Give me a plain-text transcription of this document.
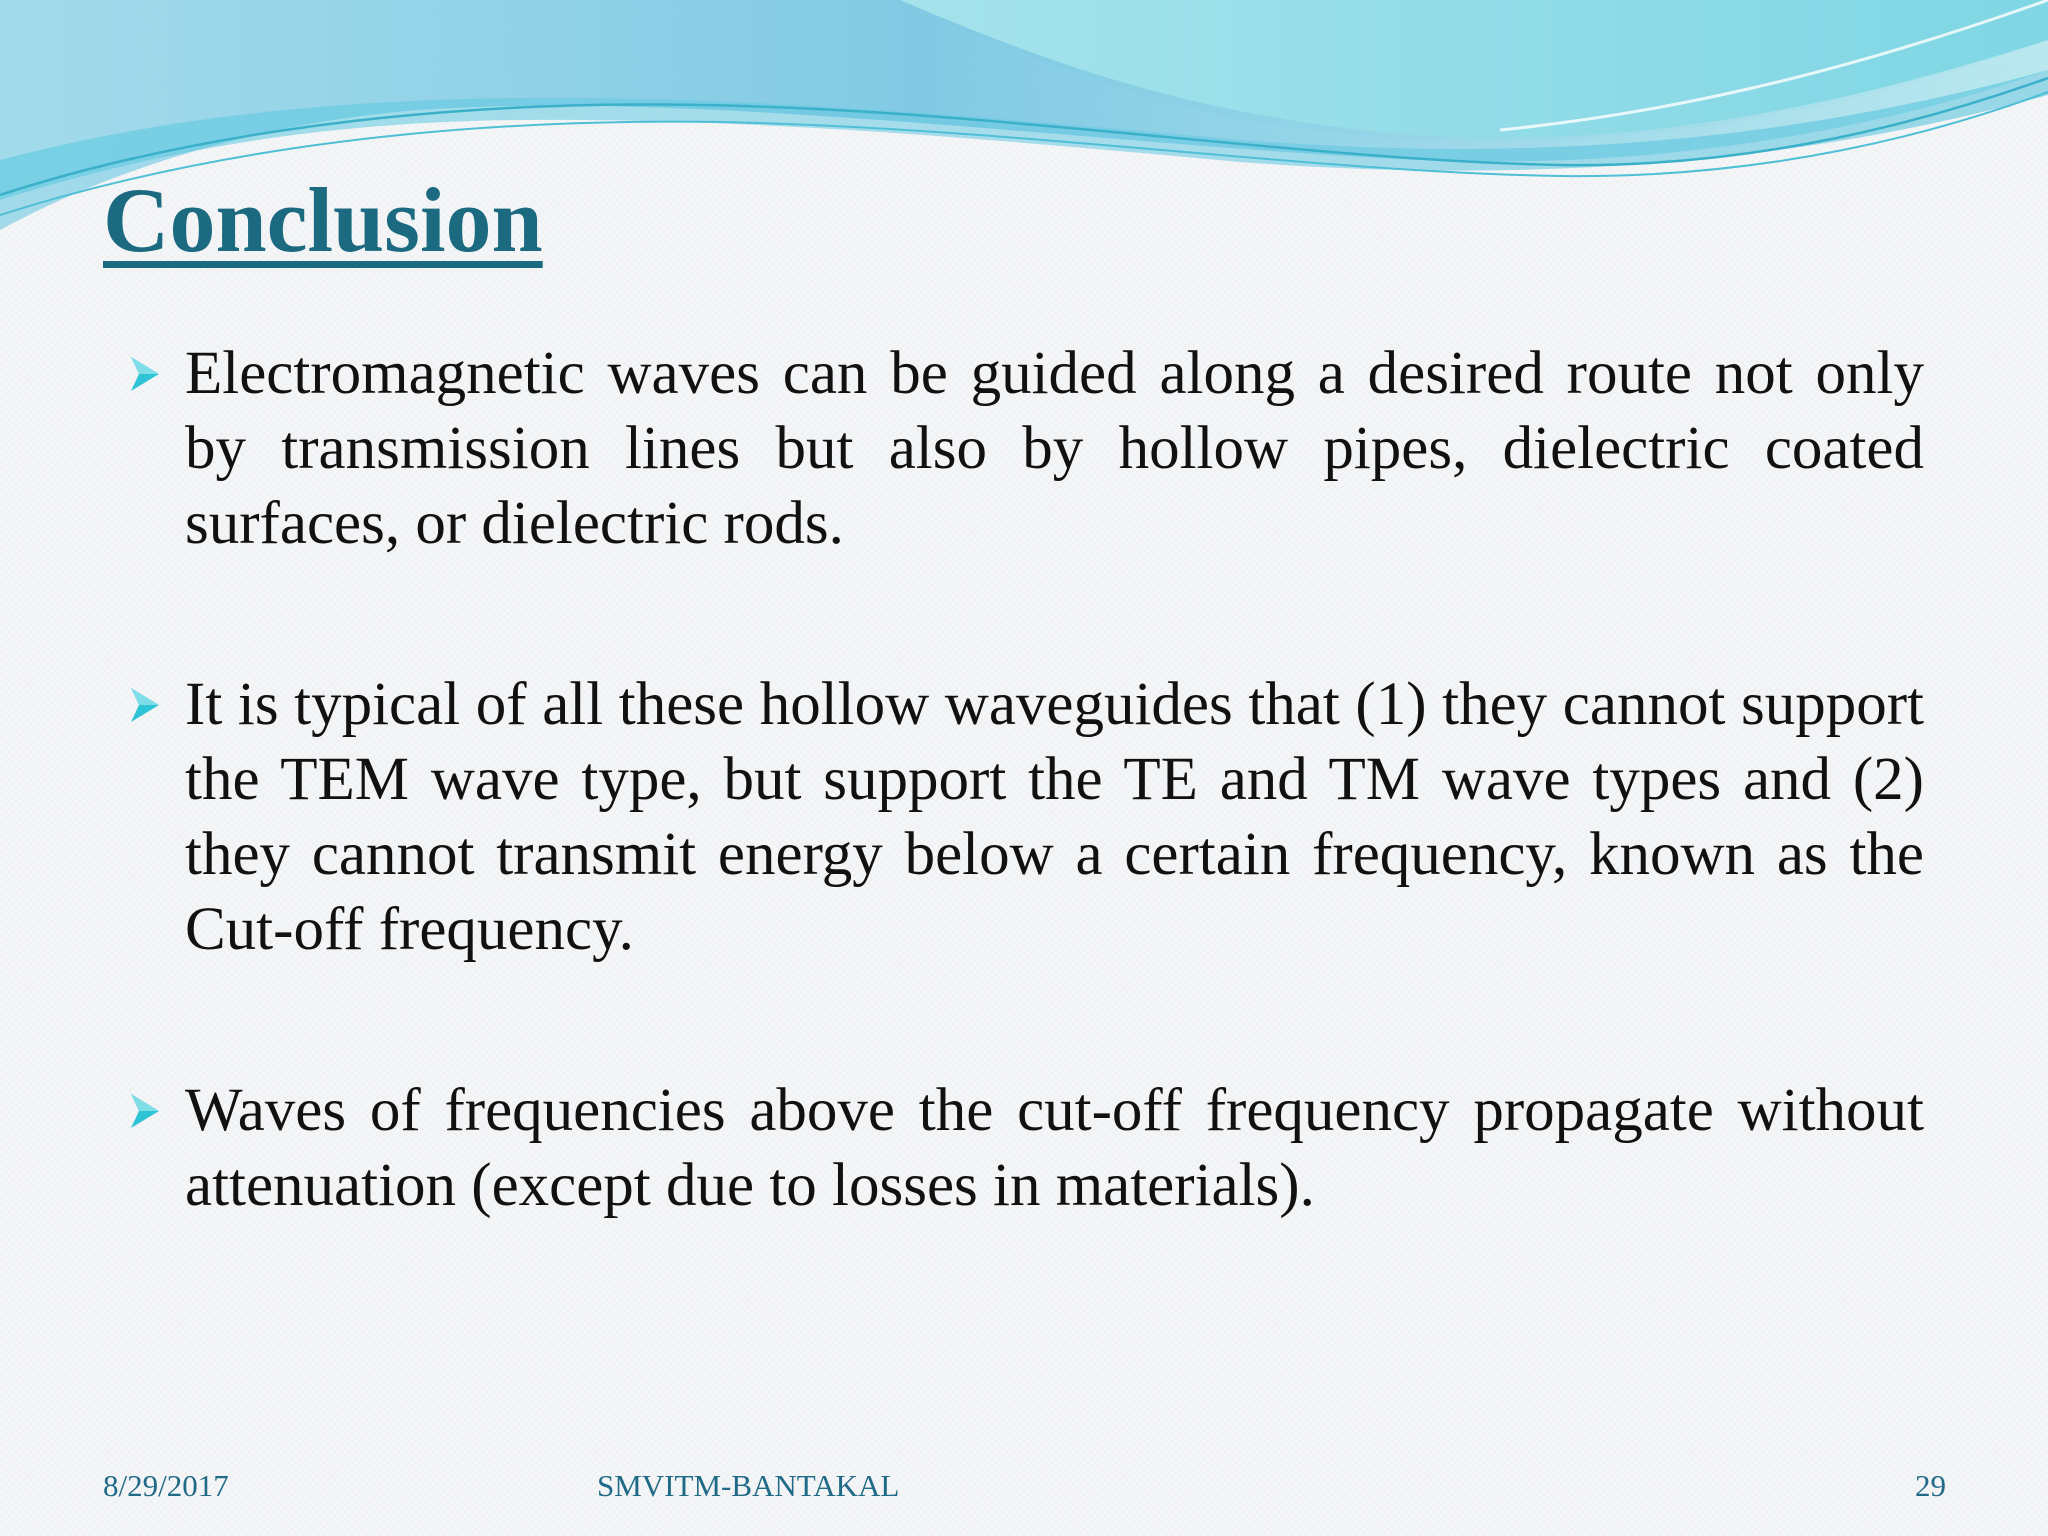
Conclusion

Electromagnetic waves can be guided along a desired route not only by transmission lines but also by hollow pipes, dielectric coated surfaces, or dielectric rods.

It is typical of all these hollow waveguides that (1) they cannot support the TEM wave type, but support the TE and TM wave types and (2) they cannot transmit energy below a certain frequency, known as the Cut-off frequency.

Waves of frequencies above the cut-off frequency propagate without attenuation (except due to losses in materials).

8/29/2017	SMVITM-BANTAKAL	29
